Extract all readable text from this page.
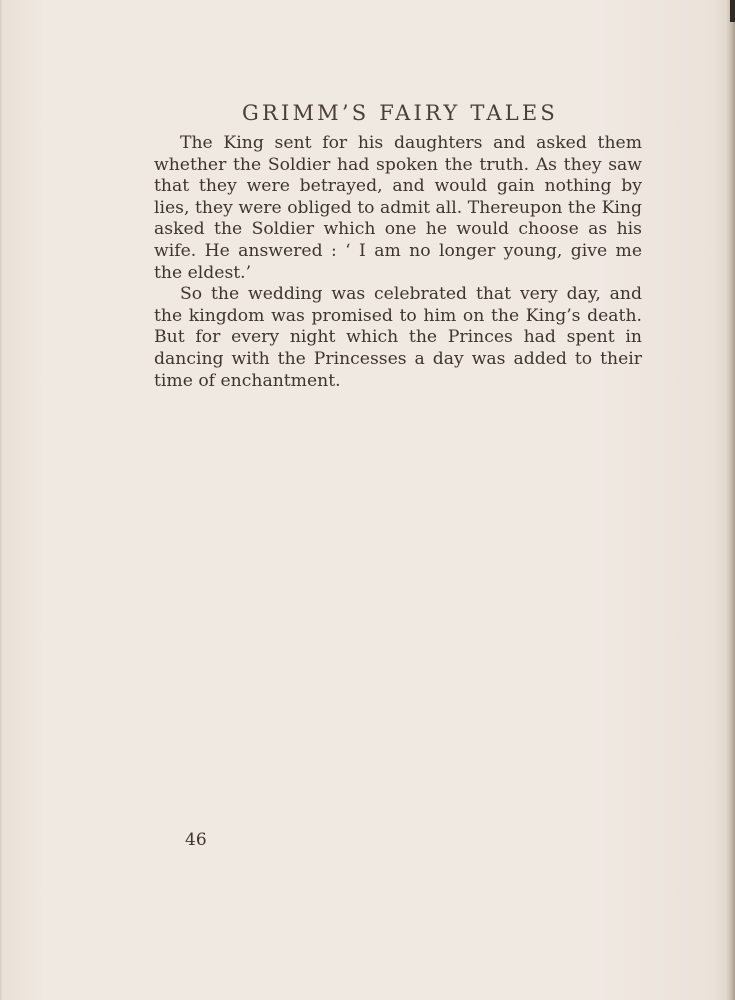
GRIMM’S FAIRY TALES

The King sent for his daughters and asked them whether the Soldier had spoken the truth. As they saw that they were betrayed, and would gain nothing by lies, they were obliged to admit all. Thereupon the King asked the Soldier which one he would choose as his wife. He answered : ‘ I am no longer young, give me the eldest.’

So the wedding was celebrated that very day, and the kingdom was promised to him on the King’s death. But for every night which the Princes had spent in dancing with the Princesses a day was added to their time of enchantment.

46
